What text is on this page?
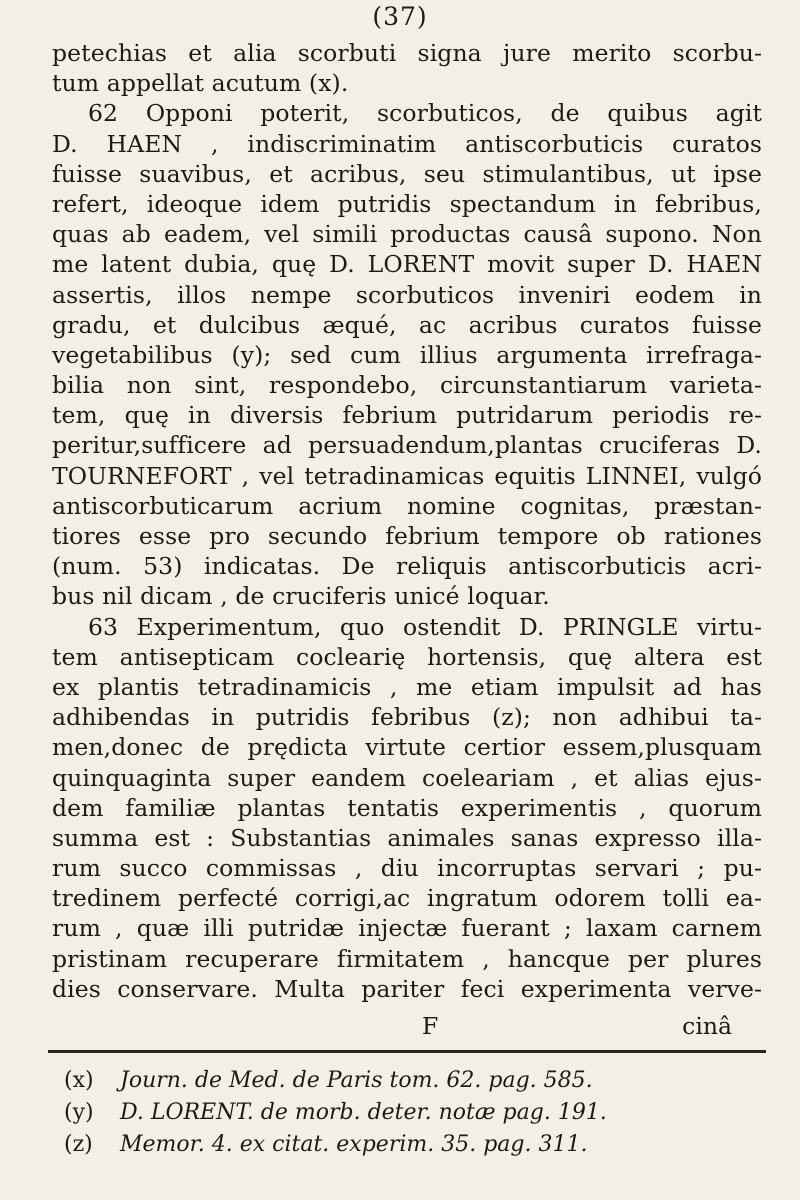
(37)
petechias et alia scorbuti signa jure merito scorbu-
tum appellat acutum (x).
62 Opponi poterit, scorbuticos, de quibus agit
D. HAEN , indiscriminatim antiscorbuticis curatos
fuisse suavibus, et acribus, seu stimulantibus, ut ipse
refert, ideoque idem putridis spectandum in febribus,
quas ab eadem, vel simili productas causâ supono. Non
me latent dubia, quę D. LORENT movit super D. HAEN
assertis, illos nempe scorbuticos inveniri eodem in
gradu, et dulcibus æqué, ac acribus curatos fuisse
vegetabilibus (y); sed cum illius argumenta irrefraga-
bilia non sint, respondebo, circunstantiarum varieta-
tem, quę in diversis febrium putridarum periodis re-
peritur,sufficere ad persuadendum,plantas cruciferas D.
TOURNEFORT , vel tetradinamicas equitis LINNEI, vulgó
antiscorbuticarum acrium nomine cognitas, præstan-
tiores esse pro secundo febrium tempore ob rationes
(num. 53) indicatas. De reliquis antiscorbuticis acri-
bus nil dicam , de cruciferis unicé loquar.
63 Experimentum, quo ostendit D. PRINGLE virtu-
tem antisepticam coclearię hortensis, quę altera est
ex plantis tetradinamicis , me etiam impulsit ad has
adhibendas in putridis febribus (z); non adhibui ta-
men,donec de prędicta virtute certior essem,plusquam
quinquaginta super eandem coeleariam , et alias ejus-
dem familiæ plantas tentatis experimentis , quorum
summa est : Substantias animales sanas expresso illa-
rum succo commissas , diu incorruptas servari ; pu-
tredinem perfecté corrigi,ac ingratum odorem tolli ea-
rum , quæ illi putridæ injectæ fuerant ; laxam carnem
pristinam recuperare firmitatem , hancque per plures
dies conservare. Multa pariter feci experimenta verve-
F	cinâ
(x) Journ. de Med. de Paris tom. 62. pag. 585.
(y) D. LORENT. de morb. deter. notæ pag. 191.
(z) Memor. 4. ex citat. experim. 35. pag. 311.
